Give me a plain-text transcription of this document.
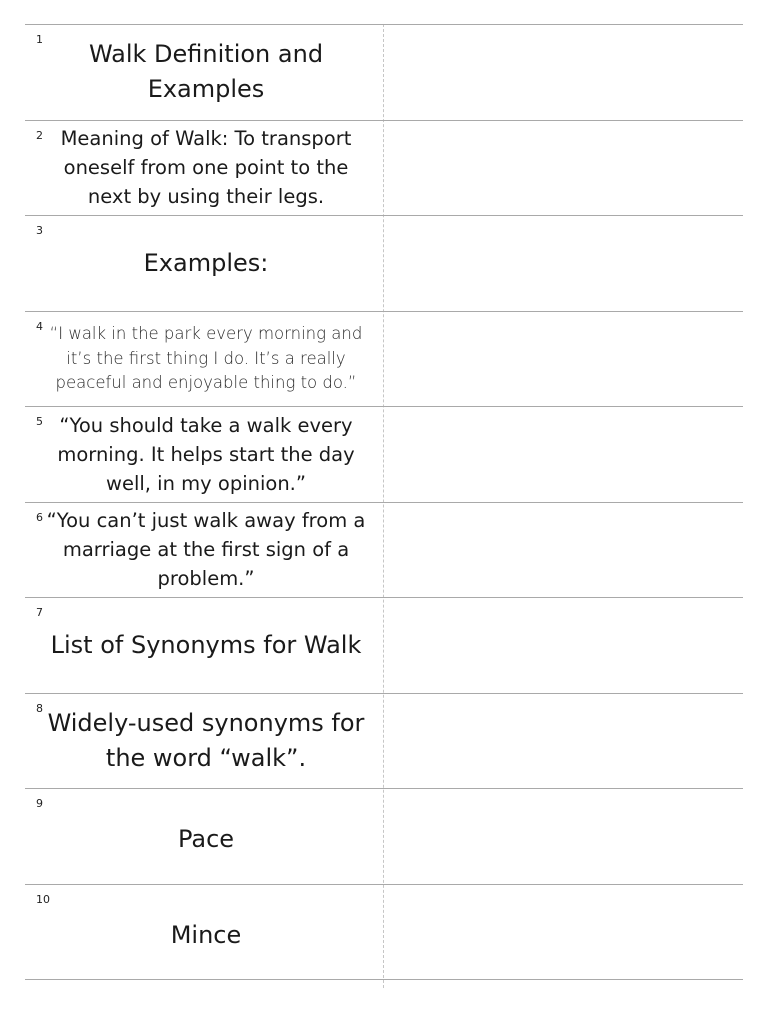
1
Walk Definition and Examples
2 Meaning of Walk: To transport oneself from one point to the next by using their legs.
3
Examples:
4 “I walk in the park every morning and it’s the first thing I do. It’s a really peaceful and enjoyable thing to do.”
5 “You should take a walk every morning. It helps start the day well, in my opinion.”
6 “You can’t just walk away from a marriage at the first sign of a problem.”
7
List of Synonyms for Walk
8
Widely-used synonyms for the word “walk”.
9
Pace
10
Mince
